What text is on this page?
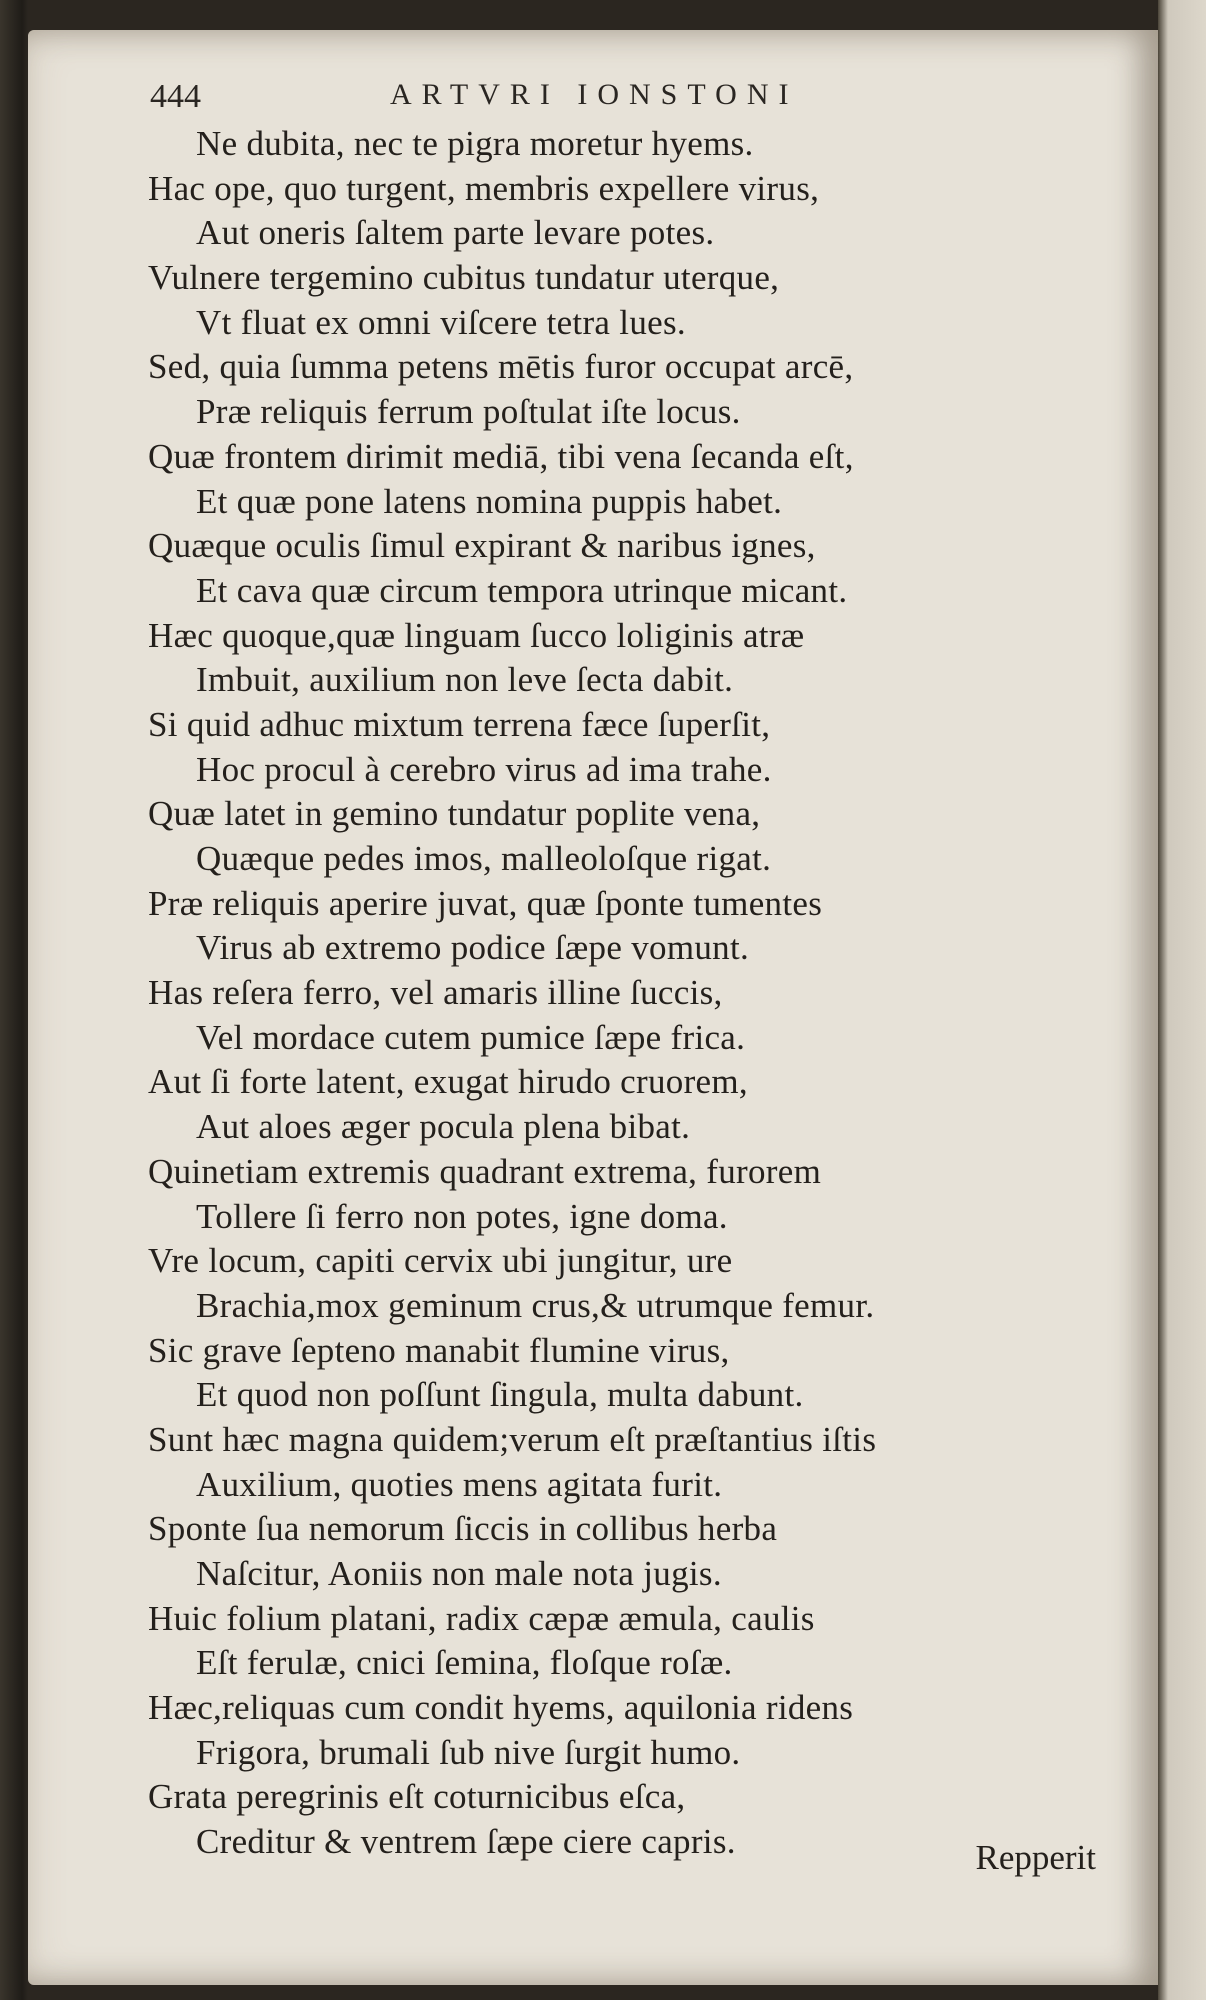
444	ARTVRI IONSTONI
Ne dubita, nec te pigra moretur hyems.
Hac ope, quo turgent, membris expellere virus,
Aut oneris ſaltem parte levare potes.
Vulnere tergemino cubitus tundatur uterque,
Vt fluat ex omni viſcere tetra lues.
Sed, quia ſumma petens mētis furor occupat arcē,
Præ reliquis ferrum poſtulat iſte locus.
Quæ frontem dirimit mediā, tibi vena ſecanda eſt,
Et quæ pone latens nomina puppis habet.
Quæque oculis ſimul expirant & naribus ignes,
Et cava quæ circum tempora utrinque micant.
Hæc quoque,quæ linguam ſucco loliginis atræ
Imbuit, auxilium non leve ſecta dabit.
Si quid adhuc mixtum terrena fæce ſuperſit,
Hoc procul à cerebro virus ad ima trahe.
Quæ latet in gemino tundatur poplite vena,
Quæque pedes imos, malleoloſque rigat.
Præ reliquis aperire juvat, quæ ſponte tumentes
Virus ab extremo podice ſæpe vomunt.
Has reſera ferro, vel amaris illine ſuccis,
Vel mordace cutem pumice ſæpe frica.
Aut ſi forte latent, exugat hirudo cruorem,
Aut aloes æger pocula plena bibat.
Quinetiam extremis quadrant extrema, furorem
Tollere ſi ferro non potes, igne doma.
Vre locum, capiti cervix ubi jungitur, ure
Brachia,mox geminum crus,& utrumque femur.
Sic grave ſepteno manabit flumine virus,
Et quod non poſſunt ſingula, multa dabunt.
Sunt hæc magna quidem;verum eſt præſtantius iſtis
Auxilium, quoties mens agitata furit.
Sponte ſua nemorum ſiccis in collibus herba
Naſcitur, Aoniis non male nota jugis.
Huic folium platani, radix cæpæ æmula, caulis
Eſt ferulæ, cnici ſemina, floſque roſæ.
Hæc,reliquas cum condit hyems, aquilonia ridens
Frigora, brumali ſub nive ſurgit humo.
Grata peregrinis eſt coturnicibus eſca,
Creditur & ventrem ſæpe ciere capris.	Repperit
